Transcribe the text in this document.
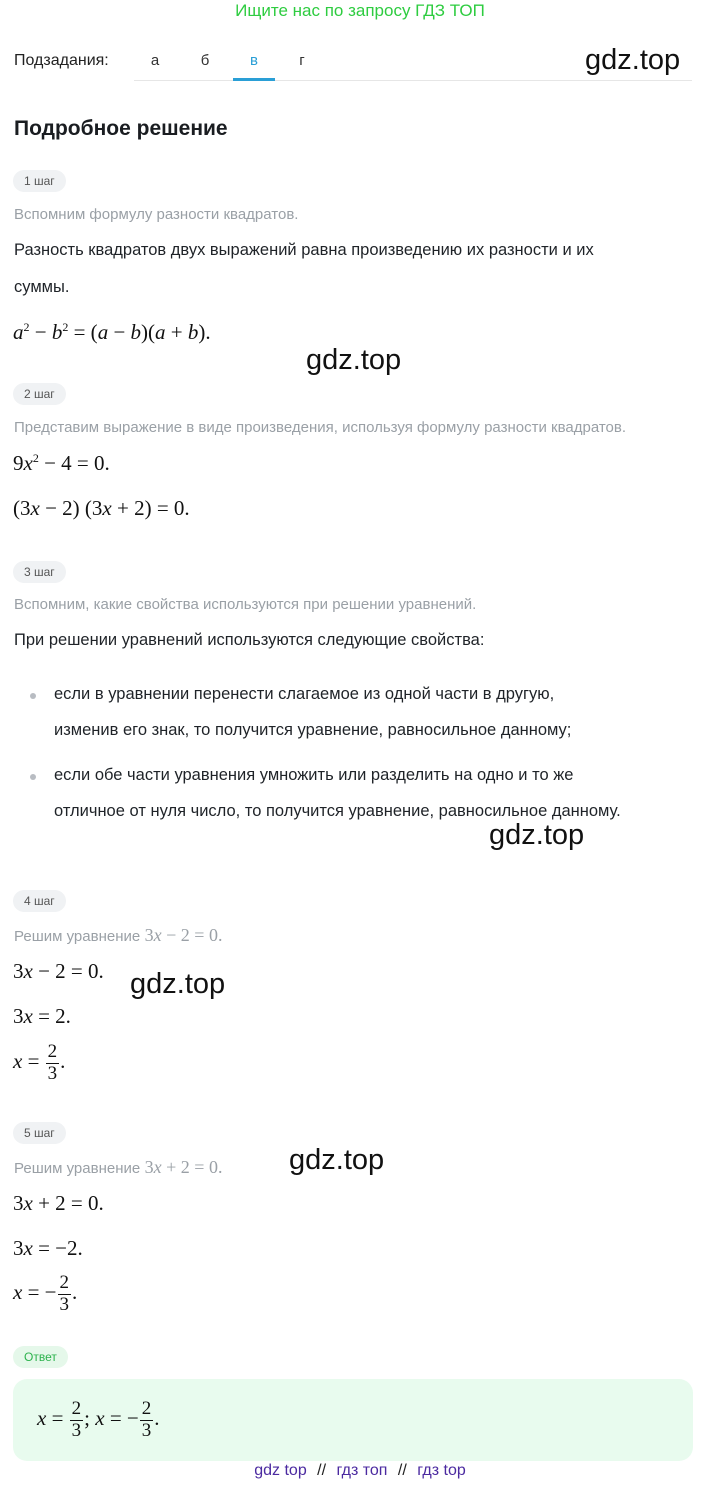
Ищите нас по запросу ГДЗ ТОП
Подзадания:	а	б	в	г	gdz.top
gdz.top
gdz.top
gdz.top
gdz.top
Подробное решение
1 шаг
Вспомним формулу разности квадратов.
Разность квадратов двух выражений равна произведению их разности и их
суммы.
$a^2 - b^2 = (a - b)(a + b)$.
2 шаг
Представим выражение в виде произведения, используя формулу разности квадратов.
$9x^2 - 4 = 0$.
(3x − 2) (3x + 2) = 0.
3 шаг
Вспомним, какие свойства используются при решении уравнений.
При решении уравнений используются следующие свойства:
если в уравнении перенести слагаемое из одной части в другую,
изменив его знак, то получится уравнение, равносильное данному;
если обе части уравнения умножить или разделить на одно и то же
отличное от нуля число, то получится уравнение, равносильное данному.
4 шаг
Решим уравнение 3x − 2 = 0.
3x − 2 = 0.
3x = 2.
$x = \frac{2}{3}$ .
5 шаг
Решим уравнение 3x + 2 = 0.
3x + 2 = 0.
3x = −2.
x = − $\frac{2}{3}$ .
Ответ
$x = \frac{2}{3}$ ; x = − $\frac{2}{3}$ .
gdz top // гдз топ // гдз top
